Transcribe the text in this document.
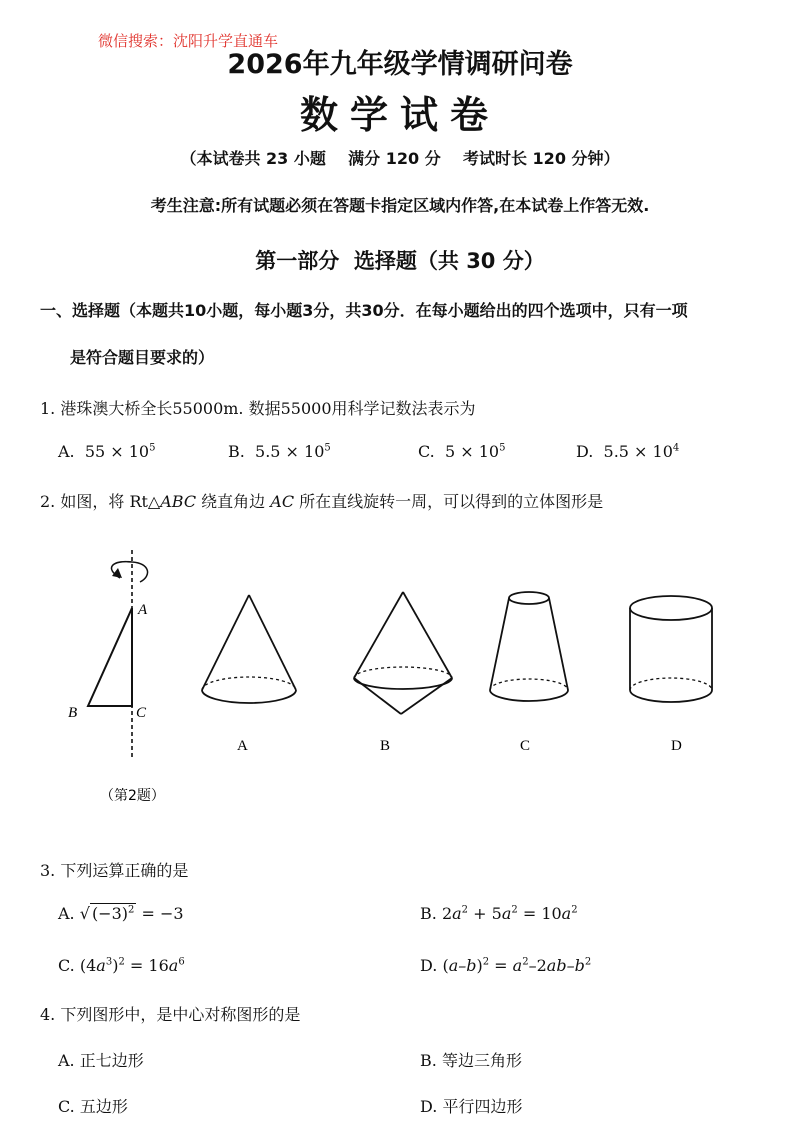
微信搜索：沈阳升学直通车
2026年九年级学情调研问卷
数学试卷
（本试卷共 23 小题    满分 120 分    考试时长 120 分钟）
考生注意:所有试题必须在答题卡指定区域内作答,在本试卷上作答无效.
第一部分  选择题（共 30 分）
一、选择题（本题共10小题，每小题3分，共30分．在每小题给出的四个选项中，只有一项
是符合题目要求的）
1. 港珠澳大桥全长55000m. 数据55000用科学记数法表示为
A. $55 \times 10^5$	B. $5.5 \times 10^5$	C. $5 \times 10^5$	D. $5.5 \times 10^4$
2. 如图，将 Rt△ABC 绕直角边 AC 所在直线旋转一周，可以得到的立体图形是
A
B	C
（第2题）
A	B	C	D
3. 下列运算正确的是
A. √ $(-3)^2 = -3$	B. $2a^2 + 5a^2 = 10a^2$
C. $(4a^3)^2 = 16a^6$	D. $(a-b)^2 = a^2-2ab-b^2$
4. 下列图形中，是中心对称图形的是
A. 正七边形	B. 等边三角形
C. 五边形	D. 平行四边形
